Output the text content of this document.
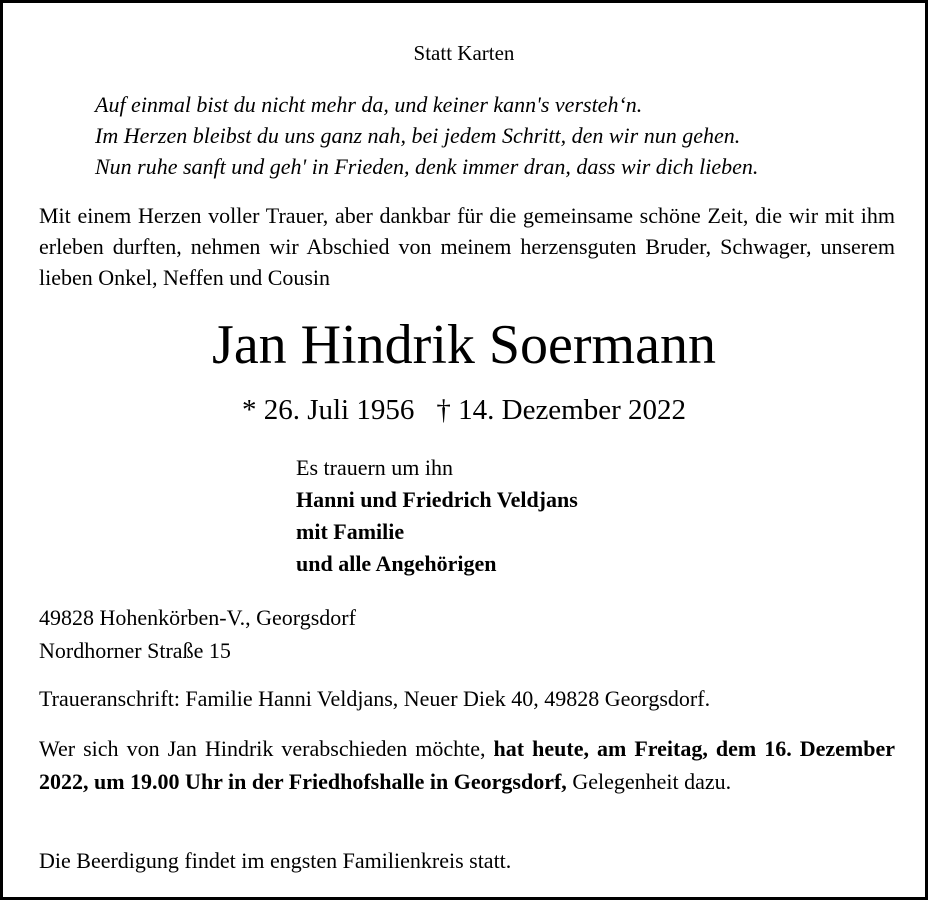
Statt Karten
Auf einmal bist du nicht mehr da, und keiner kann's versteh‘n.
Im Herzen bleibst du uns ganz nah, bei jedem Schritt, den wir nun gehen.
Nun ruhe sanft und geh' in Frieden, denk immer dran, dass wir dich lieben.
Mit einem Herzen voller Trauer, aber dankbar für die gemeinsame schöne Zeit, die wir mit ihm erleben durften, nehmen wir Abschied von meinem herzensguten Bruder, Schwager, unserem lieben Onkel, Neffen und Cousin
Jan Hindrik Soermann
* 26. Juli 1956 † 14. Dezember 2022
Es trauern um ihn
Hanni und Friedrich Veldjans
mit Familie
und alle Angehörigen
49828 Hohenkörben-V., Georgsdorf
Nordhorner Straße 15
Traueranschrift: Familie Hanni Veldjans, Neuer Diek 40, 49828 Georgsdorf.
Wer sich von Jan Hindrik verabschieden möchte, hat heute, am Freitag, dem 16. Dezember 2022, um 19.00 Uhr in der Friedhofshalle in Georgsdorf, Gelegenheit dazu.
Die Beerdigung findet im engsten Familienkreis statt.
